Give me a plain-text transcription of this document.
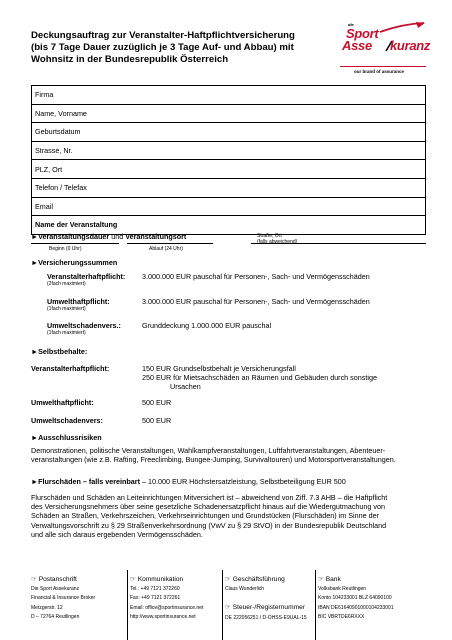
Deckungsauftrag zur Veranstalter-Haftpflichtversicherung
(bis 7 Tage Dauer zuzüglich je 3 Tage Auf- und Abbau) mit
Wohnsitz in der Bundesrepublik Österreich
die
Sport
Asse kuranz
our brand of assurance
Firma
Name, Vorname
Geburtsdatum
Strasse, Nr.
PLZ, Ort
Telefon / Telefax
Email
Name der Veranstaltung
►Veranstaltungsdauer und Veranstaltungsort
Beginn (0 Uhr)	Ablauf (24 Uhr)
Straße, Ort
(falls abweichend)
►Versicherungssummen
Veranstalterhaftpflicht:
(2fach maximiert)
3.000.000 EUR pauschal für Personen-, Sach- und Vermögensschäden
Umwelthaftpflicht:
(1fach maximiert)
3.000.000 EUR pauschal für Personen-, Sach- und Vermögensschäden
Umweltschadenvers.:
(1fach maximiert)
Grunddeckung 1.000.000 EUR pauschal
►Selbstbehalte:
Veranstalterhaftpflicht:	150 EUR Grundselbstbehalt je Versicherungsfall
250 EUR für Mietsachschäden an Räumen und Gebäuden durch sonstige
Ursachen
Umwelthaftpflicht:	500 EUR
Umweltschadenvers:	500 EUR
►Ausschlussrisiken
Demonstrationen, politische Veranstaltungen, Wahlkampfveranstaltungen, Luftfahrtveranstaltungen, Abenteuer-
veranstaltungen (wie z.B. Rafting, Freeclimbing, Bungee-Jumping, Survivaltouren) und Motorsportveranstaltungen.
►Flurschäden – falls vereinbart – 10.000 EUR Höchstersatzleistung, Selbstbeteiligung EUR 500
Flurschäden und Schäden an Leiteinrichtungen Mitversichert ist – abweichend von Ziff. 7.3 AHB – die Haftpflicht
des Versicherungsnehmers über seine gesetzliche Schadenersatzpflicht hinaus auf die Wiedergutmachung von
Schäden an Straßen, Verkehrszeichen, Verkehrseinrichtungen und Grundstücken (Flurschäden) im Sinne der
Verwaltungsvorschrift zu § 29 Straßenverkehrsordnung (VwV zu § 29 StVO) in der Bundesrepublik Deutschland
und alle sich daraus ergebenden Vermögensschäden.
☞ Postanschrift
Die Sport Assekuranz
Financial & Insurance Broker
Metzgerstr. 12
D – 72764 Reutlingen
☞ Kommunikation
Tel.: +49 7121 372260
Fax: +49 7121 372261
Email: office@sportinsurance.net
http://www.sportinsurance.net
☞ Geschäftsführung
Claus Wunderlich
☞ Steuer-/Registernummer
DE 222056251 / D-OHSS-E9UAL-15
☞ Bank
Volksbank Reutlingen
Konto 104233001 BLZ 64090100
IBAN DE61640901000104233001
BIC VBRTDE6RXXX
